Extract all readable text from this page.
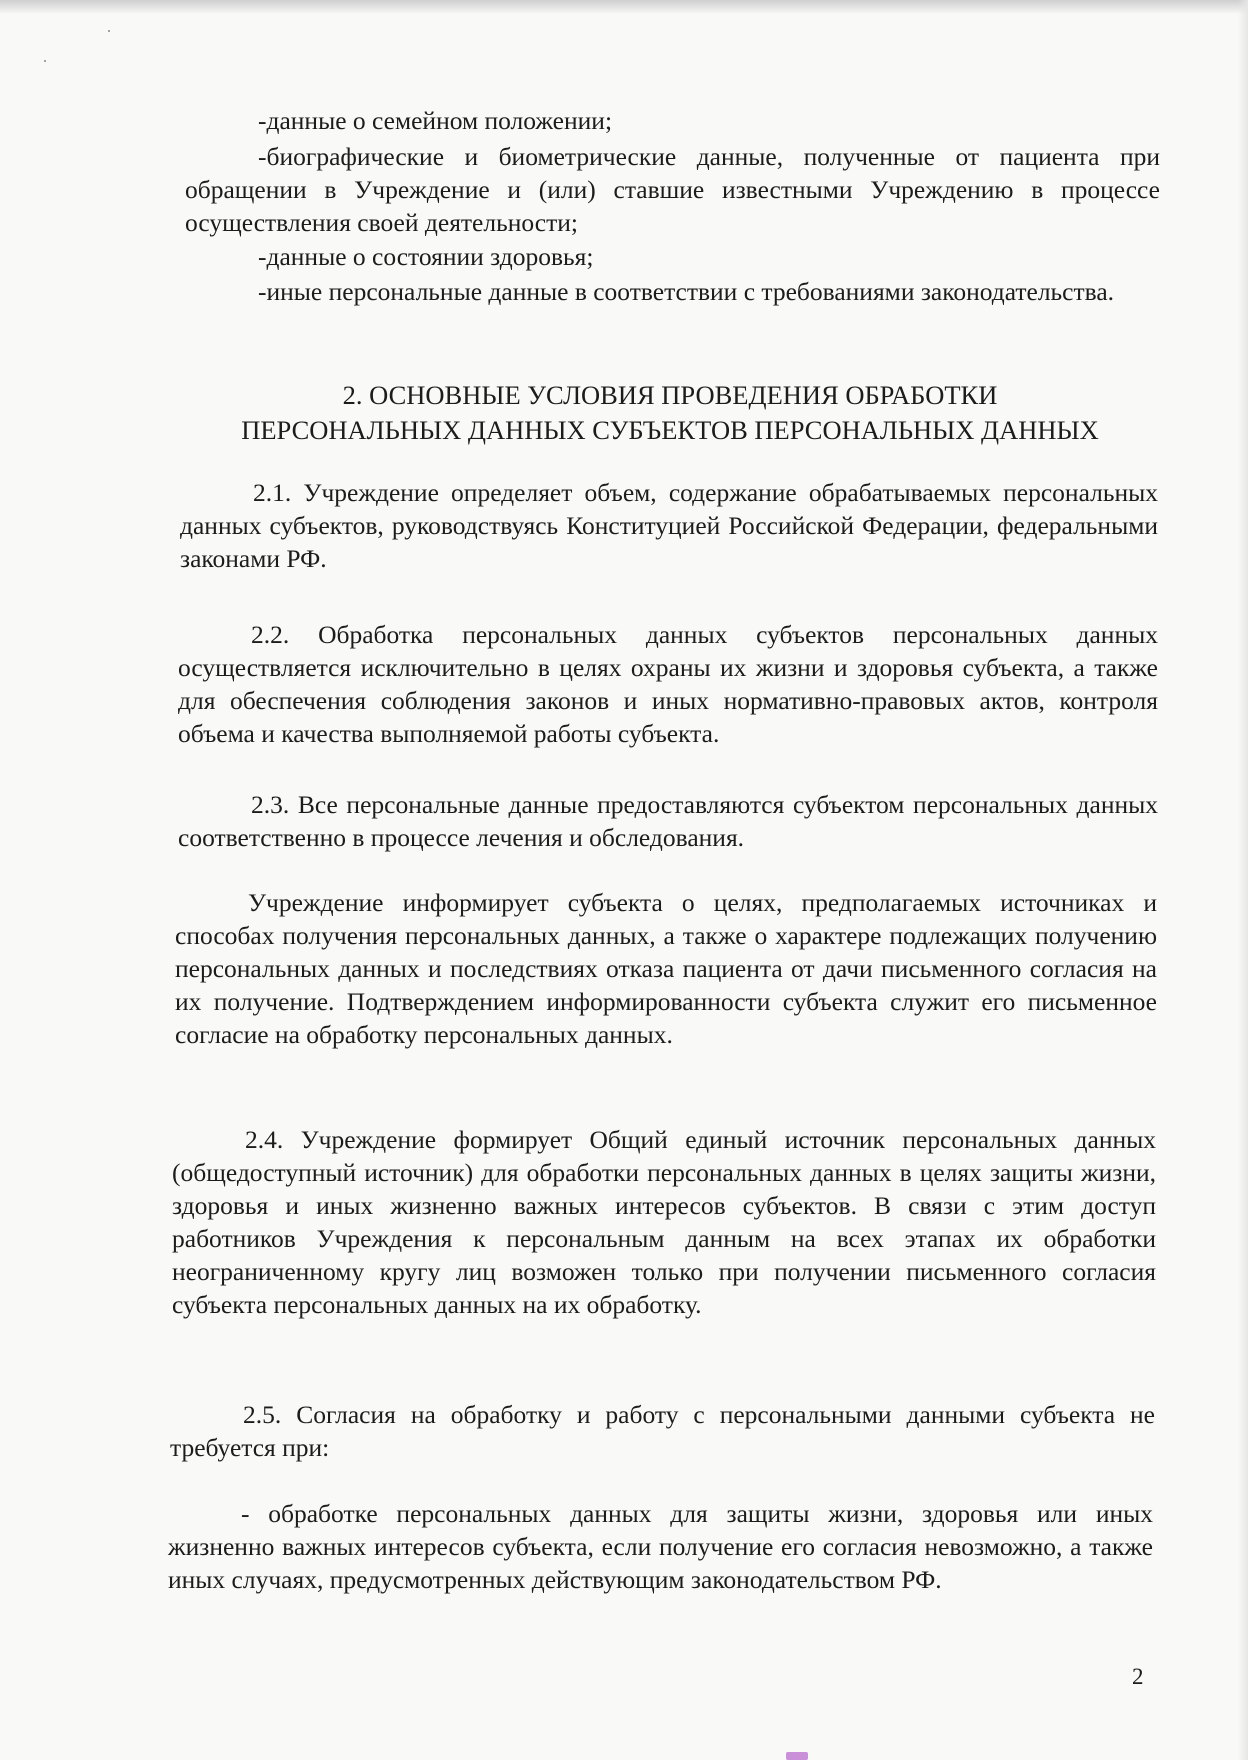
-данные о семейном положении;

-биографические и биометрические данные, полученные от пациента при обращении в Учреждение и (или) ставшие известными Учреждению в процессе осуществления своей деятельности;

-данные о состоянии здоровья;

-иные персональные данные в соответствии с требованиями законодательства.

2. ОСНОВНЫЕ УСЛОВИЯ ПРОВЕДЕНИЯ ОБРАБОТКИ

ПЕРСОНАЛЬНЫХ ДАННЫХ СУБЪЕКТОВ ПЕРСОНАЛЬНЫХ ДАННЫХ

2.1. Учреждение определяет объем, содержание обрабатываемых персональных данных субъектов, руководствуясь Конституцией Российской Федерации, федеральными законами РФ.

2.2. Обработка персональных данных субъектов персональных данных осуществляется исключительно в целях охраны их жизни и здоровья субъекта, а также для обеспечения соблюдения законов и иных нормативно-правовых актов, контроля объема и качества выполняемой работы субъекта.

2.3. Все персональные данные предоставляются субъектом персональных данных соответственно в процессе лечения и обследования.

Учреждение информирует субъекта о целях, предполагаемых источниках и способах получения персональных данных, а также о характере подлежащих получению персональных данных и последствиях отказа пациента от дачи письменного согласия на их получение. Подтверждением информированности субъекта служит его письменное согласие на обработку персональных данных.

2.4. Учреждение формирует Общий единый источник персональных данных (общедоступный источник) для обработки персональных данных в целях защиты жизни, здоровья и иных жизненно важных интересов субъектов. В связи с этим доступ работников Учреждения к персональным данным на всех этапах их обработки неограниченному кругу лиц возможен только при получении письменного согласия субъекта персональных данных на их обработку.

2.5. Согласия на обработку и работу с персональными данными субъекта не требуется при:

- обработке персональных данных для защиты жизни, здоровья или иных жизненно важных интересов субъекта, если получение его согласия невозможно, а также иных случаях, предусмотренных действующим законодательством РФ.

2
